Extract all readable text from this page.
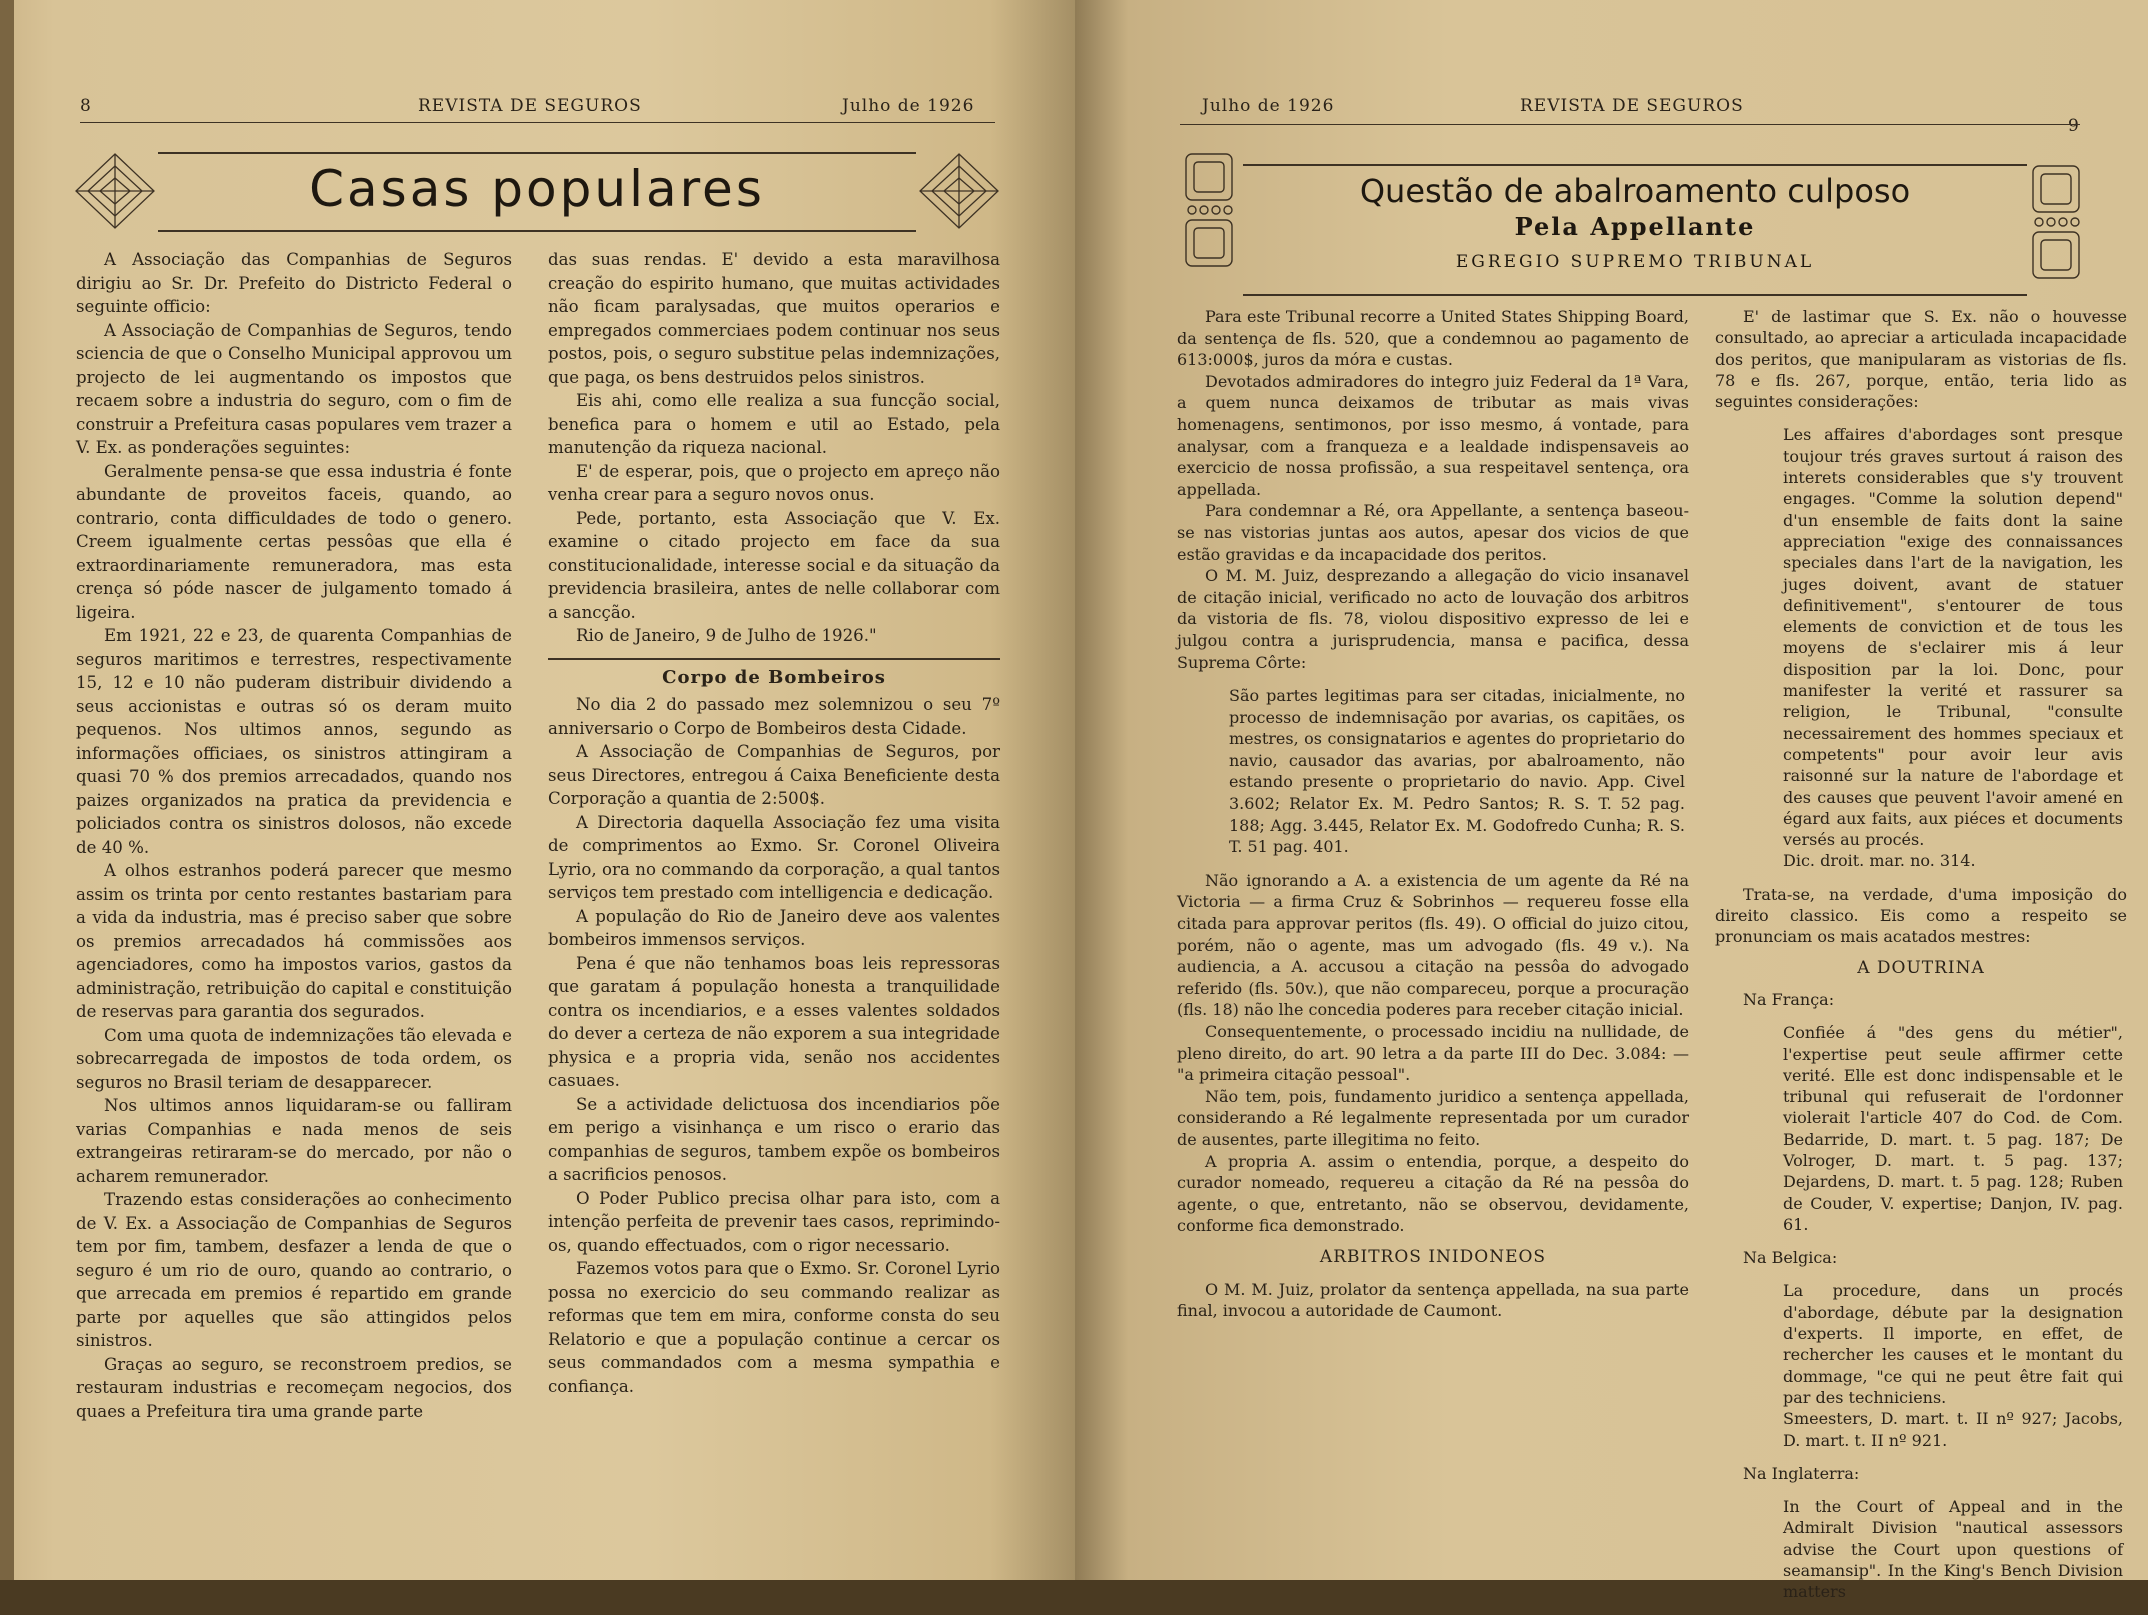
8	REVISTA DE SEGUROS	Julho de 1926
Casas populares

A Associação das Companhias de Seguros dirigiu ao Sr. Dr. Prefeito do Districto Federal o seguinte officio:

A Associação de Companhias de Seguros, tendo sciencia de que o Conselho Municipal approvou um projecto de lei augmentando os impostos que recaem sobre a industria do seguro, com o fim de construir a Prefeitura casas populares vem trazer a V. Ex. as ponderações seguintes:

Geralmente pensa-se que essa industria é fonte abundante de proveitos faceis, quando, ao contrario, conta difficuldades de todo o genero. Creem igualmente certas pessôas que ella é extraordinariamente remuneradora, mas esta crença só póde nascer de julgamento tomado á ligeira.

Em 1921, 22 e 23, de quarenta Companhias de seguros maritimos e terrestres, respectivamente 15, 12 e 10 não puderam distribuir dividendo a seus accionistas e outras só os deram muito pequenos. Nos ultimos annos, segundo as informações officiaes, os sinistros attingiram a quasi 70 % dos premios arrecadados, quando nos paizes organizados na pratica da previdencia e policiados contra os sinistros dolosos, não excede de 40 %.

A olhos estranhos poderá parecer que mesmo assim os trinta por cento restantes bastariam para a vida da industria, mas é preciso saber que sobre os premios arrecadados há commissões aos agenciadores, como ha impostos varios, gastos da administração, retribuição do capital e constituição de reservas para garantia dos segurados.

Com uma quota de indemnizações tão elevada e sobrecarregada de impostos de toda ordem, os seguros no Brasil teriam de desapparecer.

Nos ultimos annos liquidaram-se ou falliram varias Companhias e nada menos de seis extrangeiras retiraram-se do mercado, por não o acharem remunerador.

Trazendo estas considerações ao conhecimento de V. Ex. a Associação de Companhias de Seguros tem por fim, tambem, desfazer a lenda de que o seguro é um rio de ouro, quando ao contrario, o que arrecada em premios é repartido em grande parte por aquelles que são attingidos pelos sinistros.

Graças ao seguro, se reconstroem predios, se restauram industrias e recomeçam negocios, dos quaes a Prefeitura tira uma grande parte

das suas rendas. E' devido a esta maravilhosa creação do espirito humano, que muitas actividades não ficam paralysadas, que muitos operarios e empregados commerciaes podem continuar nos seus postos, pois, o seguro substitue pelas indemnizações, que paga, os bens destruidos pelos sinistros.

Eis ahi, como elle realiza a sua funcção social, benefica para o homem e util ao Estado, pela manutenção da riqueza nacional.

E' de esperar, pois, que o projecto em apreço não venha crear para a seguro novos onus.

Pede, portanto, esta Associação que V. Ex. examine o citado projecto em face da sua constitucionalidade, interesse social e da situação da previdencia brasileira, antes de nelle collaborar com a sancção.

Rio de Janeiro, 9 de Julho de 1926."

Corpo de Bombeiros

No dia 2 do passado mez solemnizou o seu 7º anniversario o Corpo de Bombeiros desta Cidade.

A Associação de Companhias de Seguros, por seus Directores, entregou á Caixa Beneficiente desta Corporação a quantia de 2:500$.

A Directoria daquella Associação fez uma visita de comprimentos ao Exmo. Sr. Coronel Oliveira Lyrio, ora no commando da corporação, a qual tantos serviços tem prestado com intelligencia e dedicação.

A população do Rio de Janeiro deve aos valentes bombeiros immensos serviços.

Pena é que não tenhamos boas leis repressoras que garatam á população honesta a tranquilidade contra os incendiarios, e a esses valentes soldados do dever a certeza de não exporem a sua integridade physica e a propria vida, senão nos accidentes casuaes.

Se a actividade delictuosa dos incendiarios põe em perigo a visinhança e um risco o erario das companhias de seguros, tambem expõe os bombeiros a sacrificios penosos.

O Poder Publico precisa olhar para isto, com a intenção perfeita de prevenir taes casos, reprimindo-os, quando effectuados, com o rigor necessario.

Fazemos votos para que o Exmo. Sr. Coronel Lyrio possa no exercicio do seu commando realizar as reformas que tem em mira, conforme consta do seu Relatorio e que a população continue a cercar os seus commandados com a mesma sympathia e confiança.

Julho de 1926	REVISTA DE SEGUROS
9
Questão de abalroamento culposo
Pela Appellante
EGREGIO SUPREMO TRIBUNAL

Para este Tribunal recorre a United States Shipping Board, da sentença de fls. 520, que a condemnou ao pagamento de 613:000$, juros da móra e custas.

Devotados admiradores do integro juiz Federal da 1ª Vara, a quem nunca deixamos de tributar as mais vivas homenagens, sentimonos, por isso mesmo, á vontade, para analysar, com a franqueza e a lealdade indispensaveis ao exercicio de nossa profissão, a sua respeitavel sentença, ora appellada.

Para condemnar a Ré, ora Appellante, a sentença baseou-se nas vistorias juntas aos autos, apesar dos vicios de que estão gravidas e da incapacidade dos peritos.

O M. M. Juiz, desprezando a allegação do vicio insanavel de citação inicial, verificado no acto de louvação dos arbitros da vistoria de fls. 78, violou dispositivo expresso de lei e julgou contra a jurisprudencia, mansa e pacifica, dessa Suprema Côrte:

São partes legitimas para ser citadas, inicialmente, no processo de indemnisação por avarias, os capitães, os mestres, os consignatarios e agentes do proprietario do navio, causador das avarias, por abalroamento, não estando presente o proprietario do navio. App. Civel 3.602; Relator Ex. M. Pedro Santos; R. S. T. 52 pag. 188; Agg. 3.445, Relator Ex. M. Godofredo Cunha; R. S. T. 51 pag. 401.

Não ignorando a A. a existencia de um agente da Ré na Victoria — a firma Cruz & Sobrinhos — requereu fosse ella citada para approvar peritos (fls. 49). O official do juizo citou, porém, não o agente, mas um advogado (fls. 49 v.). Na audiencia, a A. accusou a citação na pessôa do advogado referido (fls. 50v.), que não compareceu, porque a procuração (fls. 18) não lhe concedia poderes para receber citação inicial.

Consequentemente, o processado incidiu na nullidade, de pleno direito, do art. 90 letra a da parte III do Dec. 3.084: — "a primeira citação pessoal".

Não tem, pois, fundamento juridico a sentença appellada, considerando a Ré legalmente representada por um curador de ausentes, parte illegitima no feito.

A propria A. assim o entendia, porque, a despeito do curador nomeado, requereu a citação da Ré na pessôa do agente, o que, entretanto, não se observou, devidamente, conforme fica demonstrado.

ARBITROS INIDONEOS

O M. M. Juiz, prolator da sentença appellada, na sua parte final, invocou a autoridade de Caumont.

E' de lastimar que S. Ex. não o houvesse consultado, ao apreciar a articulada incapacidade dos peritos, que manipularam as vistorias de fls. 78 e fls. 267, porque, então, teria lido as seguintes considerações:

Les affaires d'abordages sont presque toujour trés graves surtout á raison des interets considerables que s'y trouvent engages. "Comme la solution depend" d'un ensemble de faits dont la saine appreciation "exige des connaissances speciales dans l'art de la navigation, les juges doivent, avant de statuer definitivement", s'entourer de tous elements de conviction et de tous les moyens de s'eclairer mis á leur disposition par la loi. Donc, pour manifester la verité et rassurer sa religion, le Tribunal, "consulte necessairement des hommes speciaux et competents" pour avoir leur avis raisonné sur la nature de l'abordage et des causes que peuvent l'avoir amené en égard aux faits, aux piéces et documents versés au procés.

Dic. droit. mar. no. 314.

Trata-se, na verdade, d'uma imposição do direito classico. Eis como a respeito se pronunciam os mais acatados mestres:

A DOUTRINA

Na França:

Confiée á "des gens du métier", l'expertise peut seule affirmer cette verité. Elle est donc indispensable et le tribunal qui refuserait de l'ordonner violerait l'article 407 do Cod. de Com. Bedarride, D. mart. t. 5 pag. 187; De Volroger, D. mart. t. 5 pag. 137; Dejardens, D. mart. t. 5 pag. 128; Ruben de Couder, V. expertise; Danjon, IV. pag. 61.

Na Belgica:

La procedure, dans un procés d'abordage, débute par la designation d'experts. Il importe, en effet, de rechercher les causes et le montant du dommage, "ce qui ne peut être fait qui par des techniciens.

Smeesters, D. mart. t. II nº 927; Jacobs, D. mart. t. II nº 921.

Na Inglaterra:

In the Court of Appeal and in the Admiralt Division "nautical assessors advise the Court upon questions of seamansip". In the King's Bench Division matters
